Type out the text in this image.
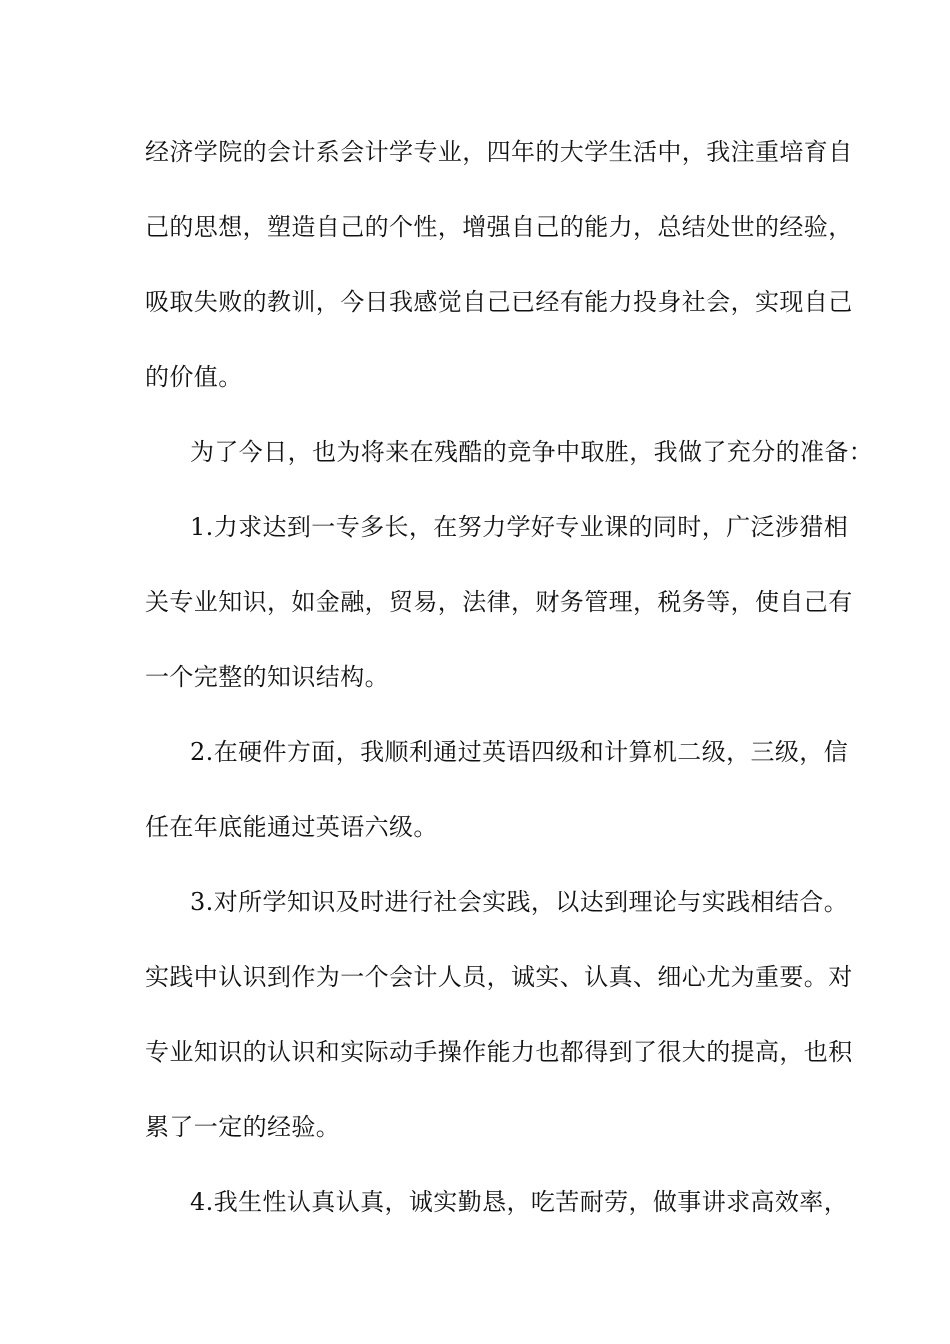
经济学院的会计系会计学专业，四年的大学生活中，我注重培育自
己的思想，塑造自己的个性，增强自己的能力，总结处世的经验，
吸取失败的教训，今日我感觉自己已经有能力投身社会，实现自己
的价值。
为了今日，也为将来在残酷的竞争中取胜，我做了充分的准备：
1.力求达到一专多长，在努力学好专业课的同时，广泛涉猎相
关专业知识，如金融，贸易，法律，财务管理，税务等，使自己有
一个完整的知识结构。
2.在硬件方面，我顺利通过英语四级和计算机二级，三级，信
任在年底能通过英语六级。
3.对所学知识及时进行社会实践，以达到理论与实践相结合。
实践中认识到作为一个会计人员，诚实、认真、细心尤为重要。对
专业知识的认识和实际动手操作能力也都得到了很大的提高，也积
累了一定的经验。
4.我生性认真认真，诚实勤恳，吃苦耐劳，做事讲求高效率，
